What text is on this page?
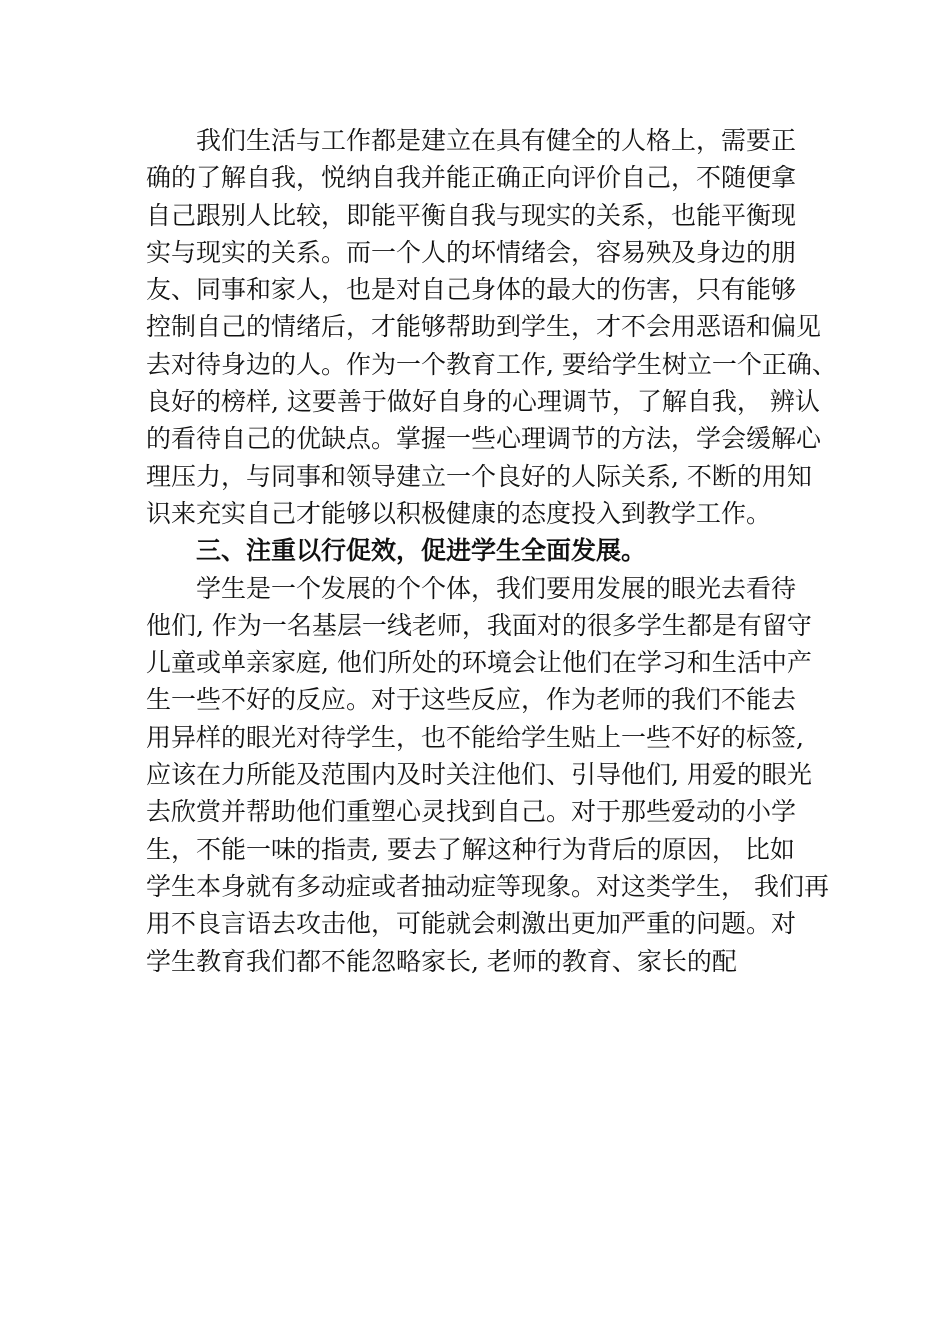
我们生活与工作都是建立在具有健全的人格上，需要正
确的了解自我，悦纳自我并能正确正向评价自己，不随便拿
自己跟别人比较，即能平衡自我与现实的关系，也能平衡现
实与现实的关系。而一个人的坏情绪会，容易殃及身边的朋
友、同事和家人，也是对自己身体的最大的伤害，只有能够
控制自己的情绪后，才能够帮助到学生，才不会用恶语和偏见
去对待身边的人。作为一个教育工作, 要给学生树立一个正确、
良好的榜样, 这要善于做好自身的心理调节，了解自我， 辨认
的看待自己的优缺点。掌握一些心理调节的方法，学会缓解心
理压力，与同事和领导建立一个良好的人际关系, 不断的用知
识来充实自己才能够以积极健康的态度投入到教学工作。
三、注重以行促效，促进学生全面发展。
学生是一个发展的个个体，我们要用发展的眼光去看待
他们, 作为一名基层一线老师，我面对的很多学生都是有留守
儿童或单亲家庭, 他们所处的环境会让他们在学习和生活中产
生一些不好的反应。对于这些反应，作为老师的我们不能去
用异样的眼光对待学生，也不能给学生贴上一些不好的标签,
应该在力所能及范围内及时关注他们、引导他们, 用爱的眼光
去欣赏并帮助他们重塑心灵找到自己。对于那些爱动的小学
生，不能一味的指责, 要去了解这种行为背后的原因， 比如
学生本身就有多动症或者抽动症等现象。对这类学生， 我们再
用不良言语去攻击他，可能就会刺激出更加严重的问题。对
学生教育我们都不能忽略家长, 老师的教育、家长的配
